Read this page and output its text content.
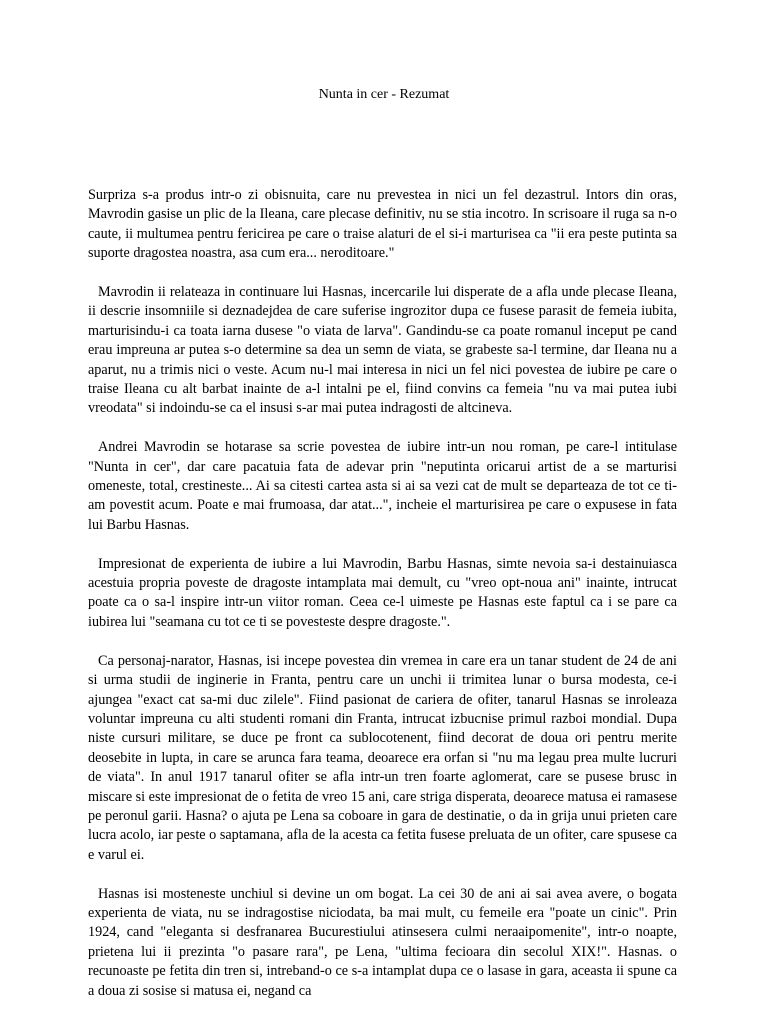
Nunta in cer - Rezumat

Surpriza s-a produs intr-o zi obisnuita, care nu prevestea in nici un fel dezastrul. Intors din oras, Mavrodin gasise un plic de la Ileana, care plecase definitiv, nu se stia incotro. In scrisoare il ruga sa n-o caute, ii multumea pentru fericirea pe care o traise alaturi de el si-i marturisea ca "ii era peste putinta sa suporte dragostea noastra, asa cum era... neroditoare."

Mavrodin ii relateaza in continuare lui Hasnas, incercarile lui disperate de a afla unde plecase Ileana, ii descrie insomniile si deznadejdea de care suferise ingrozitor dupa ce fusese parasit de femeia iubita, marturisindu-i ca toata iarna dusese "o viata de larva". Gandindu-se ca poate romanul inceput pe cand erau impreuna ar putea s-o determine sa dea un semn de viata, se grabeste sa-l termine, dar Ileana nu a aparut, nu a trimis nici o veste. Acum nu-l mai interesa in nici un fel nici povestea de iubire pe care o traise Ileana cu alt barbat inainte de a-l intalni pe el, fiind convins ca femeia "nu va mai putea iubi vreodata" si indoindu-se ca el insusi s-ar mai putea indragosti de altcineva.

Andrei Mavrodin se hotarase sa scrie povestea de iubire intr-un nou roman, pe care-l intitulase "Nunta in cer", dar care pacatuia fata de adevar prin "neputinta oricarui artist de a se marturisi omeneste, total, crestineste... Ai sa citesti cartea asta si ai sa vezi cat de mult se departeaza de tot ce ti-am povestit acum. Poate e mai frumoasa, dar atat...", incheie el marturisirea pe care o expusese in fata lui Barbu Hasnas.

Impresionat de experienta de iubire a lui Mavrodin, Barbu Hasnas, simte nevoia sa-i destainuiasca acestuia propria poveste de dragoste intamplata mai demult, cu "vreo opt-noua ani" inainte, intrucat poate ca o sa-l inspire intr-un viitor roman. Ceea ce-l uimeste pe Hasnas este faptul ca i se pare ca iubirea lui "seamana cu tot ce ti se povesteste despre dragoste.".

Ca personaj-narator, Hasnas, isi incepe povestea din vremea in care era un tanar student de 24 de ani si urma studii de inginerie in Franta, pentru care un unchi ii trimitea lunar o bursa modesta, ce-i ajungea "exact cat sa-mi duc zilele". Fiind pasionat de cariera de ofiter, tanarul Hasnas se inroleaza voluntar impreuna cu alti studenti romani din Franta, intrucat izbucnise primul razboi mondial. Dupa niste cursuri militare, se duce pe front ca sublocotenent, fiind decorat de doua ori pentru merite deosebite in lupta, in care se arunca fara teama, deoarece era orfan si "nu ma legau prea multe lucruri de viata". In anul 1917 tanarul ofiter se afla intr-un tren foarte aglomerat, care se pusese brusc in miscare si este impresionat de o fetita de vreo 15 ani, care striga disperata, deoarece matusa ei ramasese pe peronul garii. Hasna? o ajuta pe Lena sa coboare in gara de destinatie, o da in grija unui prieten care lucra acolo, iar peste o saptamana, afla de la acesta ca fetita fusese preluata de un ofiter, care spusese ca e varul ei.

Hasnas isi mosteneste unchiul si devine un om bogat. La cei 30 de ani ai sai avea avere, o bogata experienta de viata, nu se indragostise niciodata, ba mai mult, cu femeile era "poate un cinic". Prin 1924, cand "eleganta si desfranarea Bucurestiului atinsesera culmi neraaipomenite", intr-o noapte, prietena lui ii prezinta "o pasare rara", pe Lena, "ultima fecioara din secolul XIX!". Hasnas. o recunoaste pe fetita din tren si, intreband-o ce s-a intamplat dupa ce o lasase in gara, aceasta ii spune ca a doua zi sosise si matusa ei, negand ca
